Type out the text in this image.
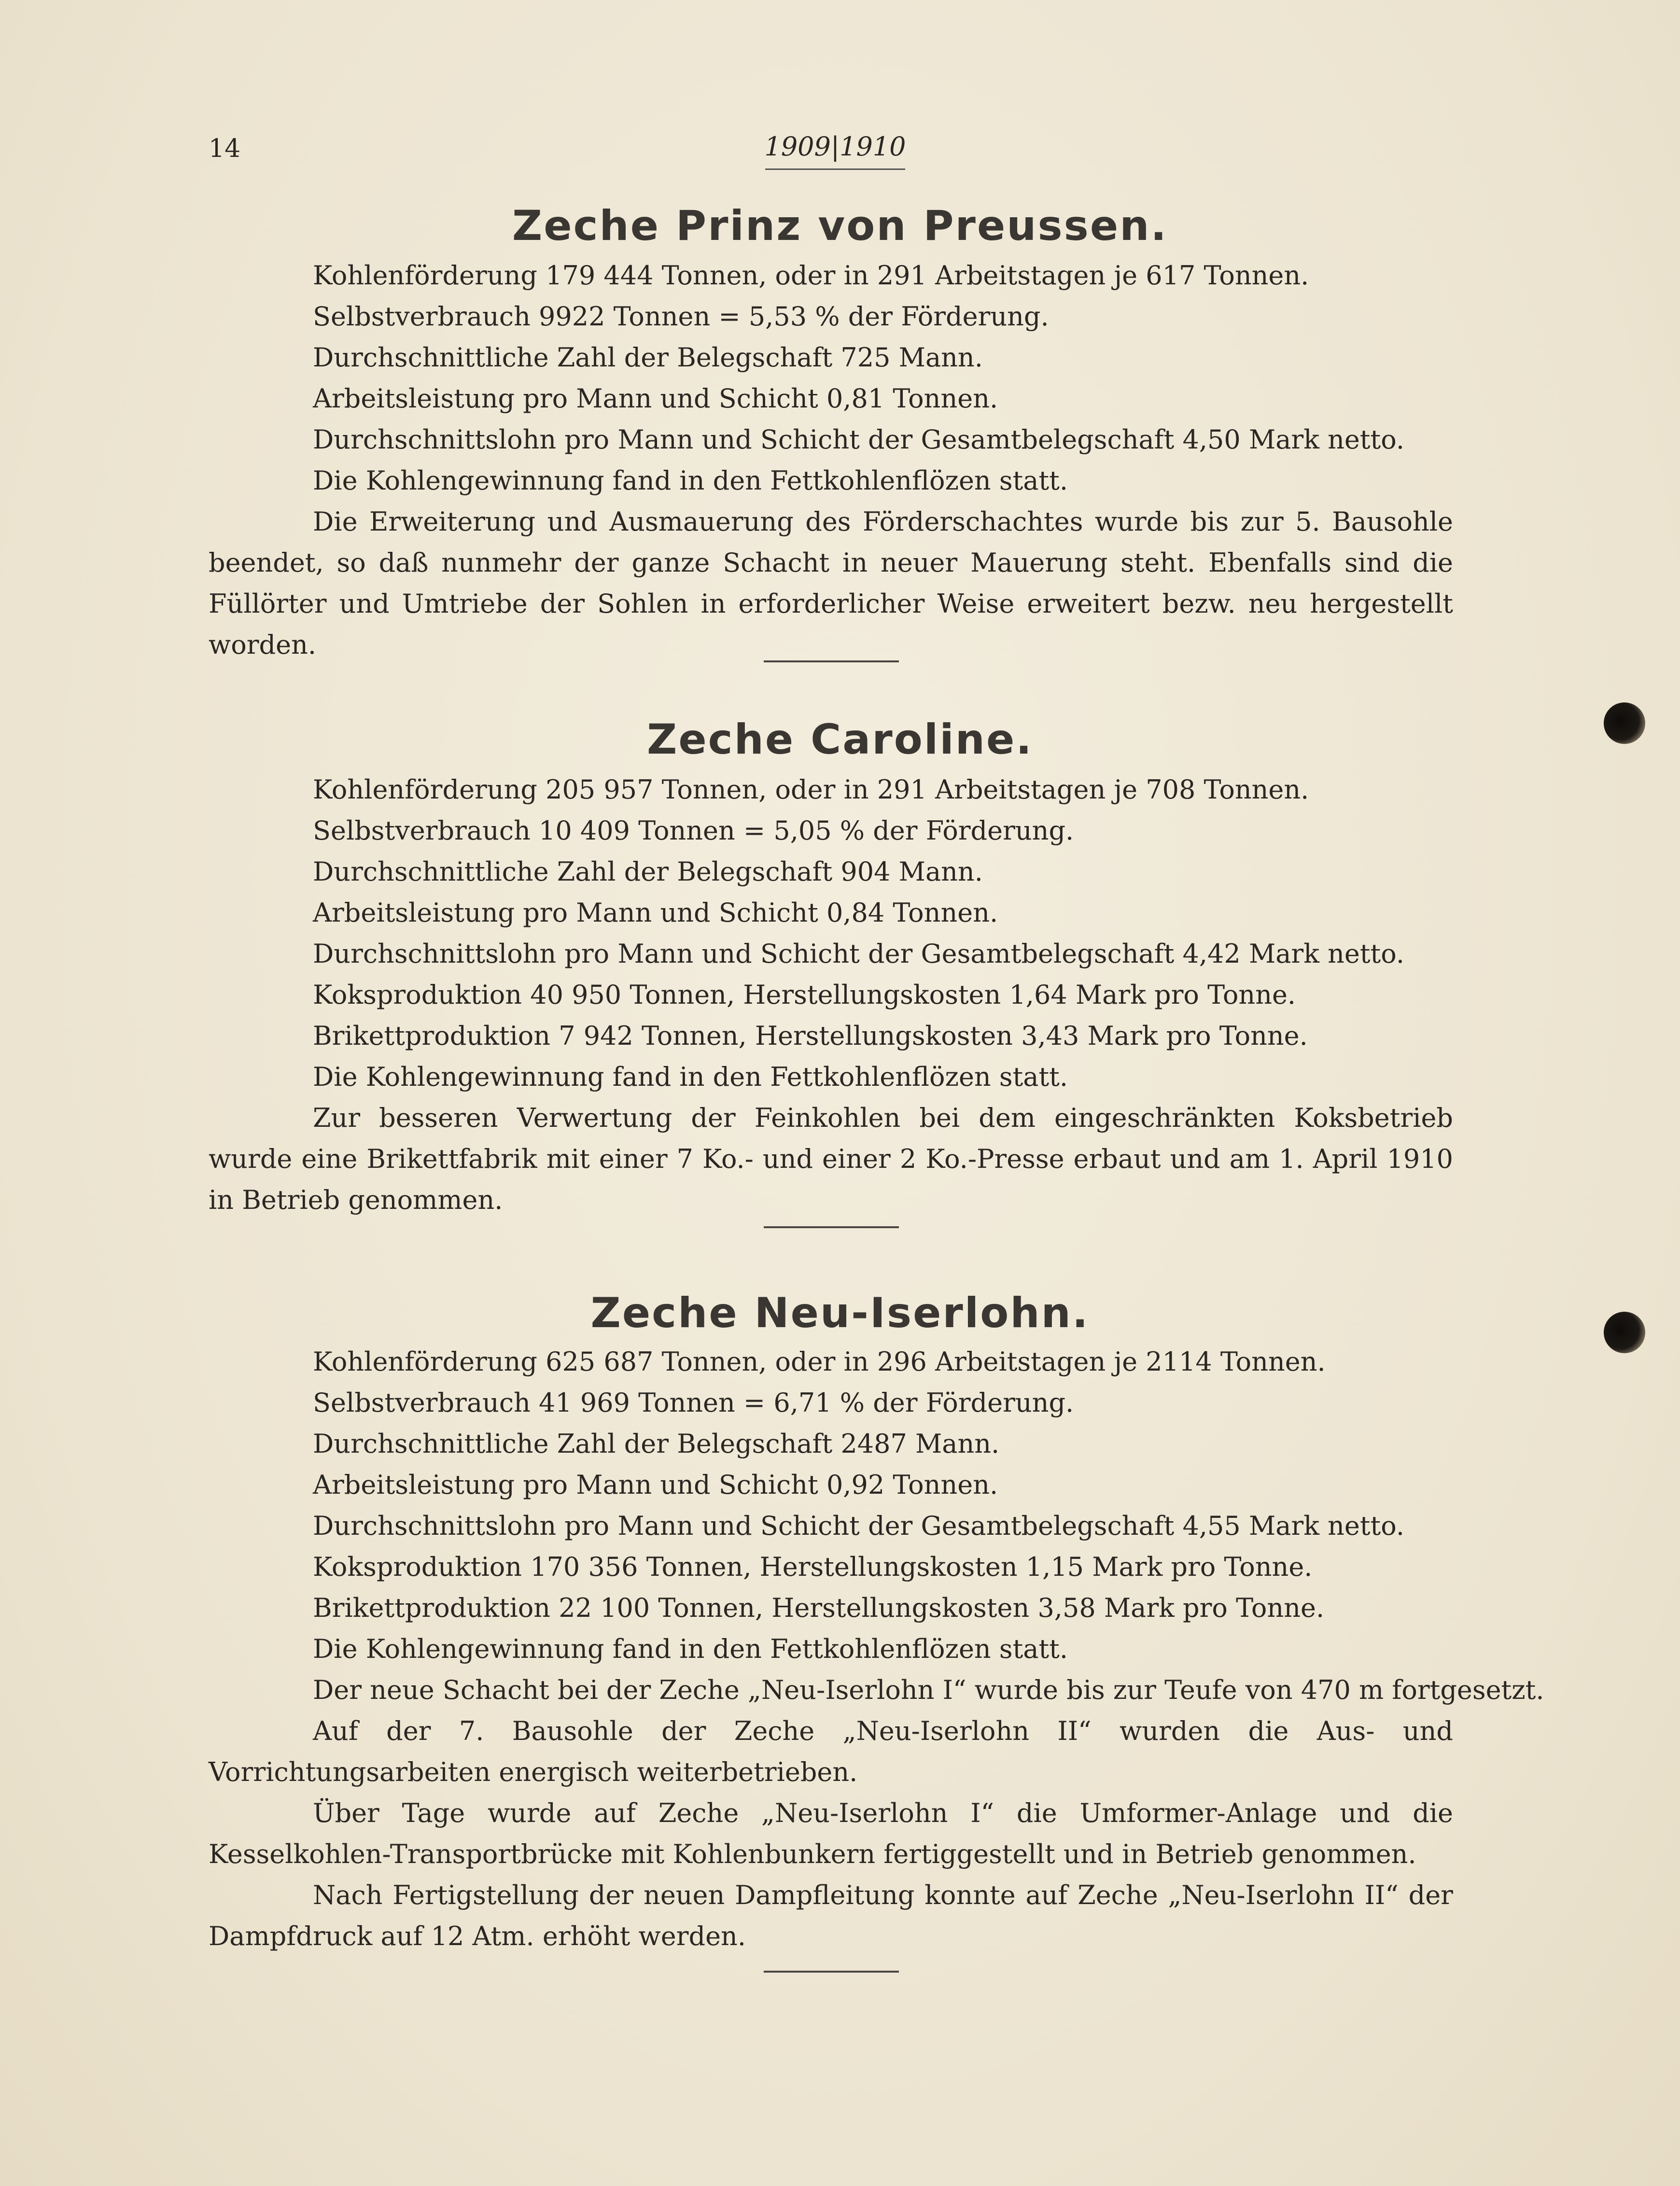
14	1909|1910
Zeche Prinz von Preussen.
Kohlenförderung 179 444 Tonnen, oder in 291 Arbeitstagen je 617 Tonnen.
Selbstverbrauch 9922 Tonnen = 5,53 % der Förderung.
Durchschnittliche Zahl der Belegschaft 725 Mann.
Arbeitsleistung pro Mann und Schicht 0,81 Tonnen.
Durchschnittslohn pro Mann und Schicht der Gesamtbelegschaft 4,50 Mark netto.
Die Kohlengewinnung fand in den Fettkohlenflözen statt.
Die Erweiterung und Ausmauerung des Förderschachtes wurde bis zur 5. Bausohle beendet, so daß nunmehr der ganze Schacht in neuer Mauerung steht. Ebenfalls sind die Füllörter und Umtriebe der Sohlen in erforderlicher Weise erweitert bezw. neu hergestellt worden.
Zeche Caroline.
Kohlenförderung 205 957 Tonnen, oder in 291 Arbeitstagen je 708 Tonnen.
Selbstverbrauch 10 409 Tonnen = 5,05 % der Förderung.
Durchschnittliche Zahl der Belegschaft 904 Mann.
Arbeitsleistung pro Mann und Schicht 0,84 Tonnen.
Durchschnittslohn pro Mann und Schicht der Gesamtbelegschaft 4,42 Mark netto.
Koksproduktion 40 950 Tonnen, Herstellungskosten 1,64 Mark pro Tonne.
Brikettproduktion 7 942 Tonnen, Herstellungskosten 3,43 Mark pro Tonne.
Die Kohlengewinnung fand in den Fettkohlenflözen statt.
Zur besseren Verwertung der Feinkohlen bei dem eingeschränkten Koksbetrieb wurde eine Brikettfabrik mit einer 7 Ko.- und einer 2 Ko.-Presse erbaut und am 1. April 1910 in Betrieb genommen.
Zeche Neu-Iserlohn.
Kohlenförderung 625 687 Tonnen, oder in 296 Arbeitstagen je 2114 Tonnen.
Selbstverbrauch 41 969 Tonnen = 6,71 % der Förderung.
Durchschnittliche Zahl der Belegschaft 2487 Mann.
Arbeitsleistung pro Mann und Schicht 0,92 Tonnen.
Durchschnittslohn pro Mann und Schicht der Gesamtbelegschaft 4,55 Mark netto.
Koksproduktion 170 356 Tonnen, Herstellungskosten 1,15 Mark pro Tonne.
Brikettproduktion 22 100 Tonnen, Herstellungskosten 3,58 Mark pro Tonne.
Die Kohlengewinnung fand in den Fettkohlenflözen statt.
Der neue Schacht bei der Zeche „Neu-Iserlohn I“ wurde bis zur Teufe von 470 m fortgesetzt.
Auf der 7. Bausohle der Zeche „Neu-Iserlohn II“ wurden die Aus- und Vorrichtungsarbeiten energisch weiterbetrieben.
Über Tage wurde auf Zeche „Neu-Iserlohn I“ die Umformer-Anlage und die Kesselkohlen-Transportbrücke mit Kohlenbunkern fertiggestellt und in Betrieb genommen.
Nach Fertigstellung der neuen Dampfleitung konnte auf Zeche „Neu-Iserlohn II“ der Dampfdruck auf 12 Atm. erhöht werden.
